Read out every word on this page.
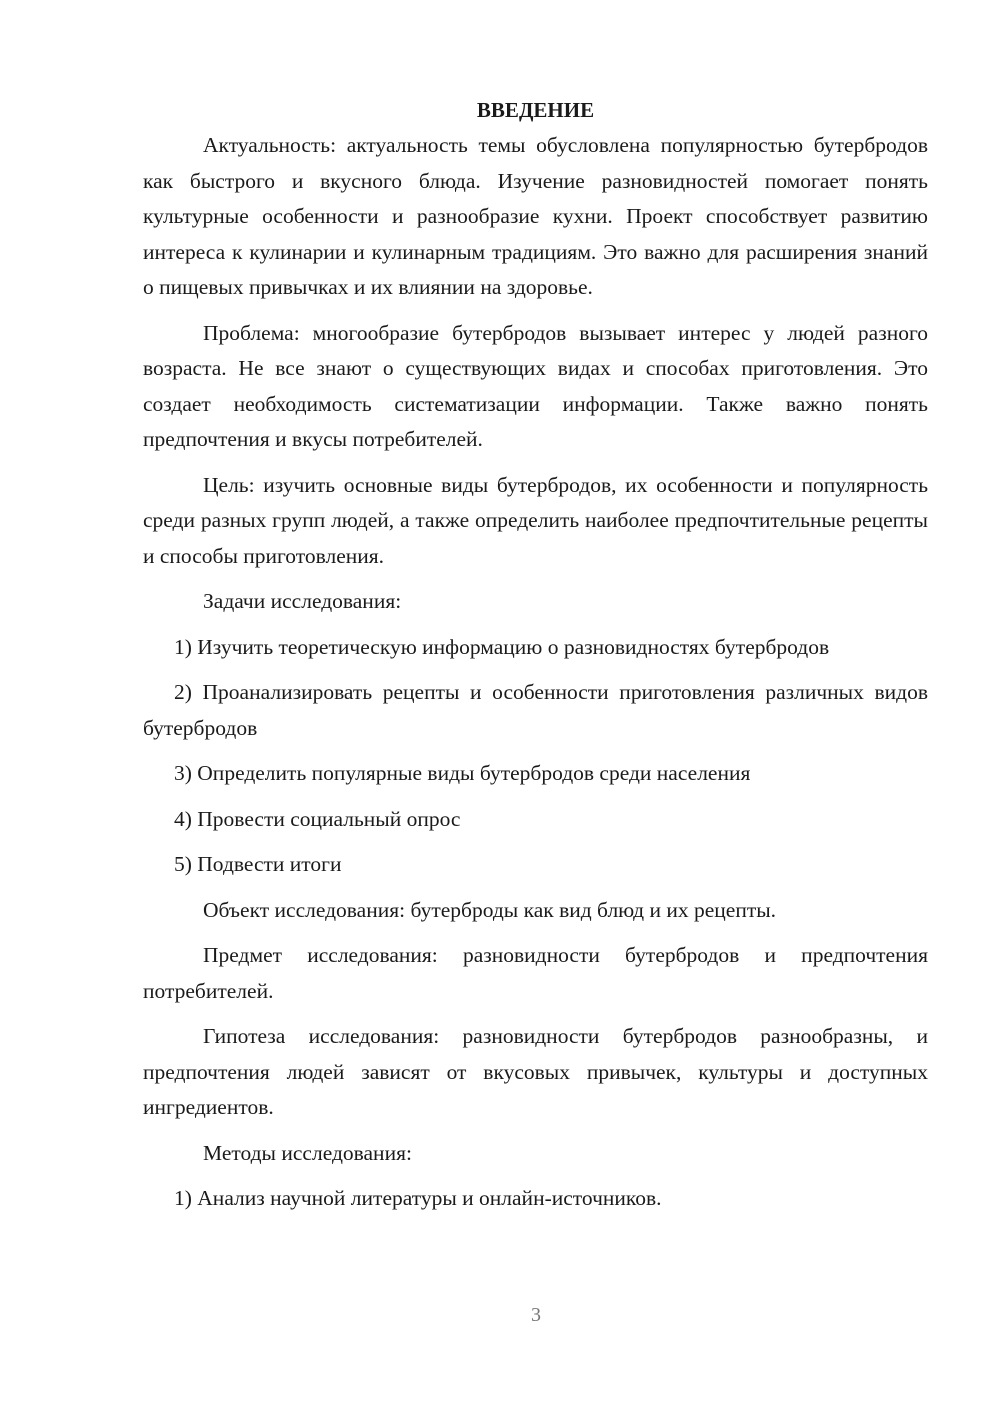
ВВЕДЕНИЕ

Актуальность: актуальность темы обусловлена популярностью бутербродов как быстрого и вкусного блюда. Изучение разновидностей помогает понять культурные особенности и разнообразие кухни. Проект способствует развитию интереса к кулинарии и кулинарным традициям. Это важно для расширения знаний о пищевых привычках и их влиянии на здоровье.

Проблема: многообразие бутербродов вызывает интерес у людей разного возраста. Не все знают о существующих видах и способах приготовления. Это создает необходимость систематизации информации. Также важно понять предпочтения и вкусы потребителей.

Цель: изучить основные виды бутербродов, их особенности и популярность среди разных групп людей, а также определить наиболее предпочтительные рецепты и способы приготовления.

Задачи исследования:

1) Изучить теоретическую информацию о разновидностях бутербродов

2) Проанализировать рецепты и особенности приготовления различных видов бутербродов

3) Определить популярные виды бутербродов среди населения

4) Провести социальный опрос

5) Подвести итоги

Объект исследования: бутерброды как вид блюд и их рецепты.

Предмет исследования: разновидности бутербродов и предпочтения потребителей.

Гипотеза исследования: разновидности бутербродов разнообразны, и предпочтения людей зависят от вкусовых привычек, культуры и доступных ингредиентов.

Методы исследования:

1) Анализ научной литературы и онлайн-источников.

3
